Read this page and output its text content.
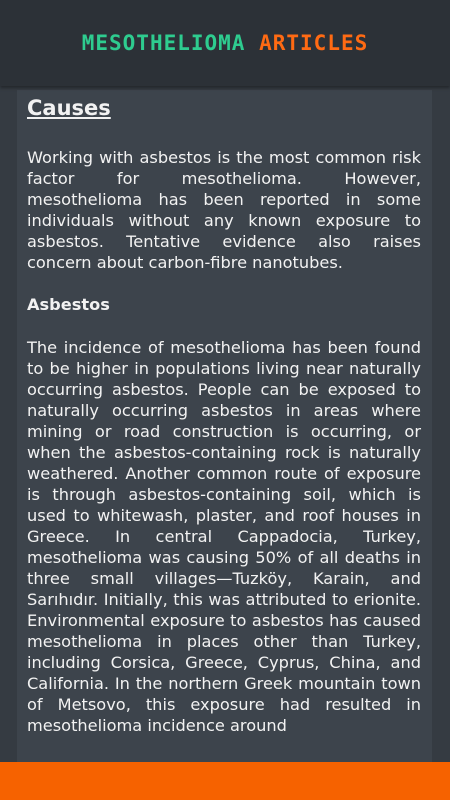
MESOTHELIOMA ARTICLES
Causes

Working with asbestos is the most common risk factor for mesothelioma. However, mesothelioma has been reported in some individuals without any known exposure to asbestos. Tentative evidence also raises concern about carbon-fibre nanotubes.

Asbestos

The incidence of mesothelioma has been found to be higher in populations living near naturally occurring asbestos. People can be exposed to naturally occurring asbestos in areas where mining or road construction is occurring, or when the asbestos-containing rock is naturally weathered. Another common route of exposure is through asbestos-containing soil, which is used to whitewash, plaster, and roof houses in Greece. In central Cappadocia, Turkey, mesothelioma was causing 50% of all deaths in three small villages—Tuzköy, Karain, and Sarıhıdır. Initially, this was attributed to erionite. Environmental exposure to asbestos has caused mesothelioma in places other than Turkey, including Corsica, Greece, Cyprus, China, and California. In the northern Greek mountain town of Metsovo, this exposure had resulted in mesothelioma incidence around
